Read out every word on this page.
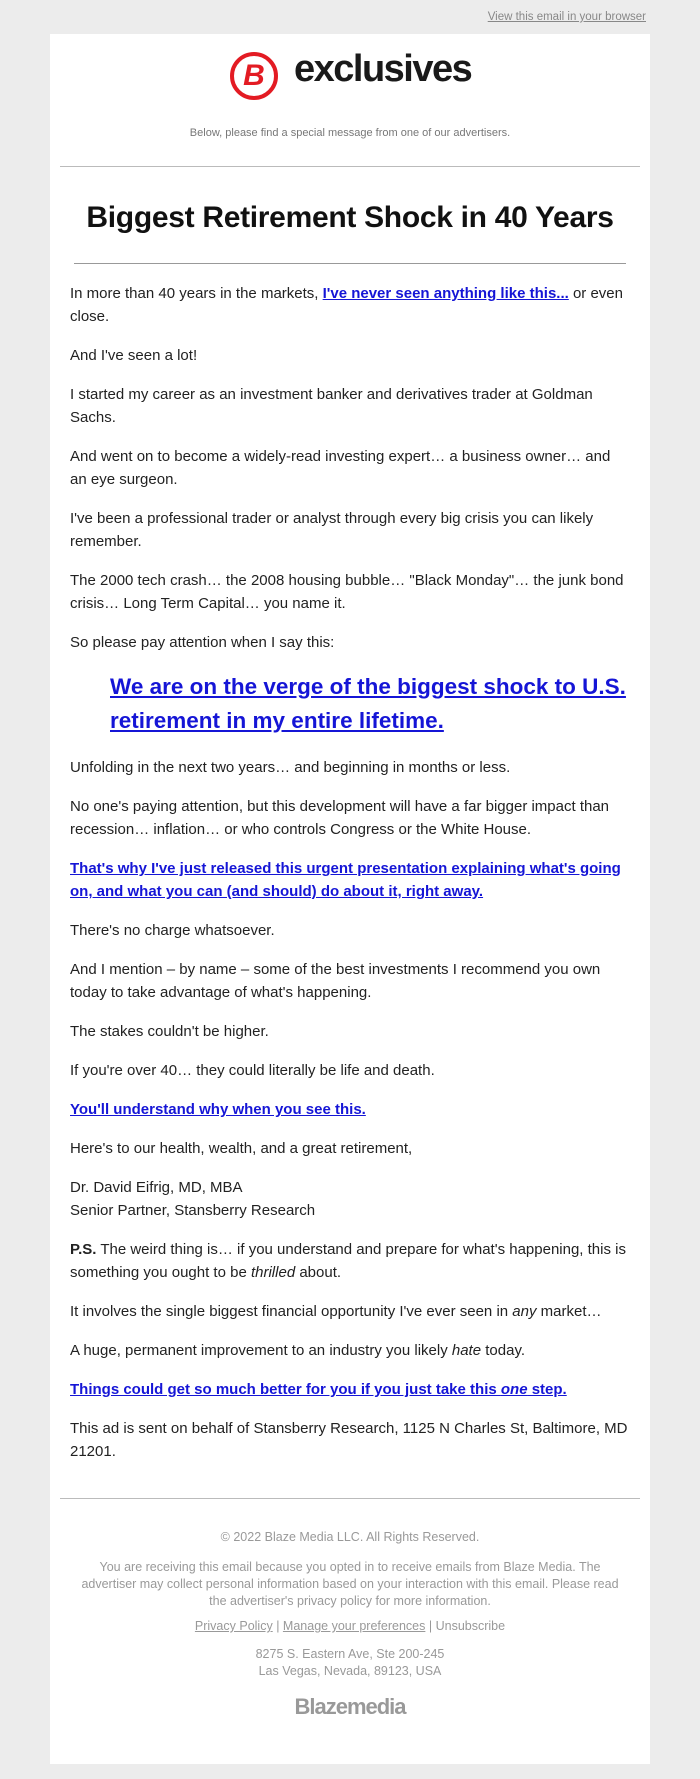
View this email in your browser
B exclusives
Below, please find a special message from one of our advertisers.
Biggest Retirement Shock in 40 Years

In more than 40 years in the markets, I've never seen anything like this... or even close.

And I've seen a lot!

I started my career as an investment banker and derivatives trader at Goldman Sachs.

And went on to become a widely-read investing expert… a business owner… and an eye surgeon.

I've been a professional trader or analyst through every big crisis you can likely remember.

The 2000 tech crash… the 2008 housing bubble… "Black Monday"… the junk bond crisis… Long Term Capital… you name it.

So please pay attention when I say this:

We are on the verge of the biggest shock to U.S. retirement in my entire lifetime.

Unfolding in the next two years… and beginning in months or less.

No one's paying attention, but this development will have a far bigger impact than recession… inflation… or who controls Congress or the White House.

That's why I've just released this urgent presentation explaining what's going on, and what you can (and should) do about it, right away.

There's no charge whatsoever.

And I mention – by name – some of the best investments I recommend you own today to take advantage of what's happening.

The stakes couldn't be higher.

If you're over 40… they could literally be life and death.

You'll understand why when you see this.

Here's to our health, wealth, and a great retirement,

Dr. David Eifrig, MD, MBA
Senior Partner, Stansberry Research

P.S. The weird thing is… if you understand and prepare for what's happening, this is something you ought to be thrilled about.

It involves the single biggest financial opportunity I've ever seen in any market…

A huge, permanent improvement to an industry you likely hate today.

Things could get so much better for you if you just take this one step.

This ad is sent on behalf of Stansberry Research, 1125 N Charles St, Baltimore, MD 21201.

© 2022 Blaze Media LLC. All Rights Reserved.
You are receiving this email because you opted in to receive emails from Blaze Media. The advertiser may collect personal information based on your interaction with this email. Please read the advertiser's privacy policy for more information.
Privacy Policy | Manage your preferences | Unsubscribe
8275 S. Eastern Ave, Ste 200-245
Las Vegas, Nevada, 89123, USA
Blazemedia
